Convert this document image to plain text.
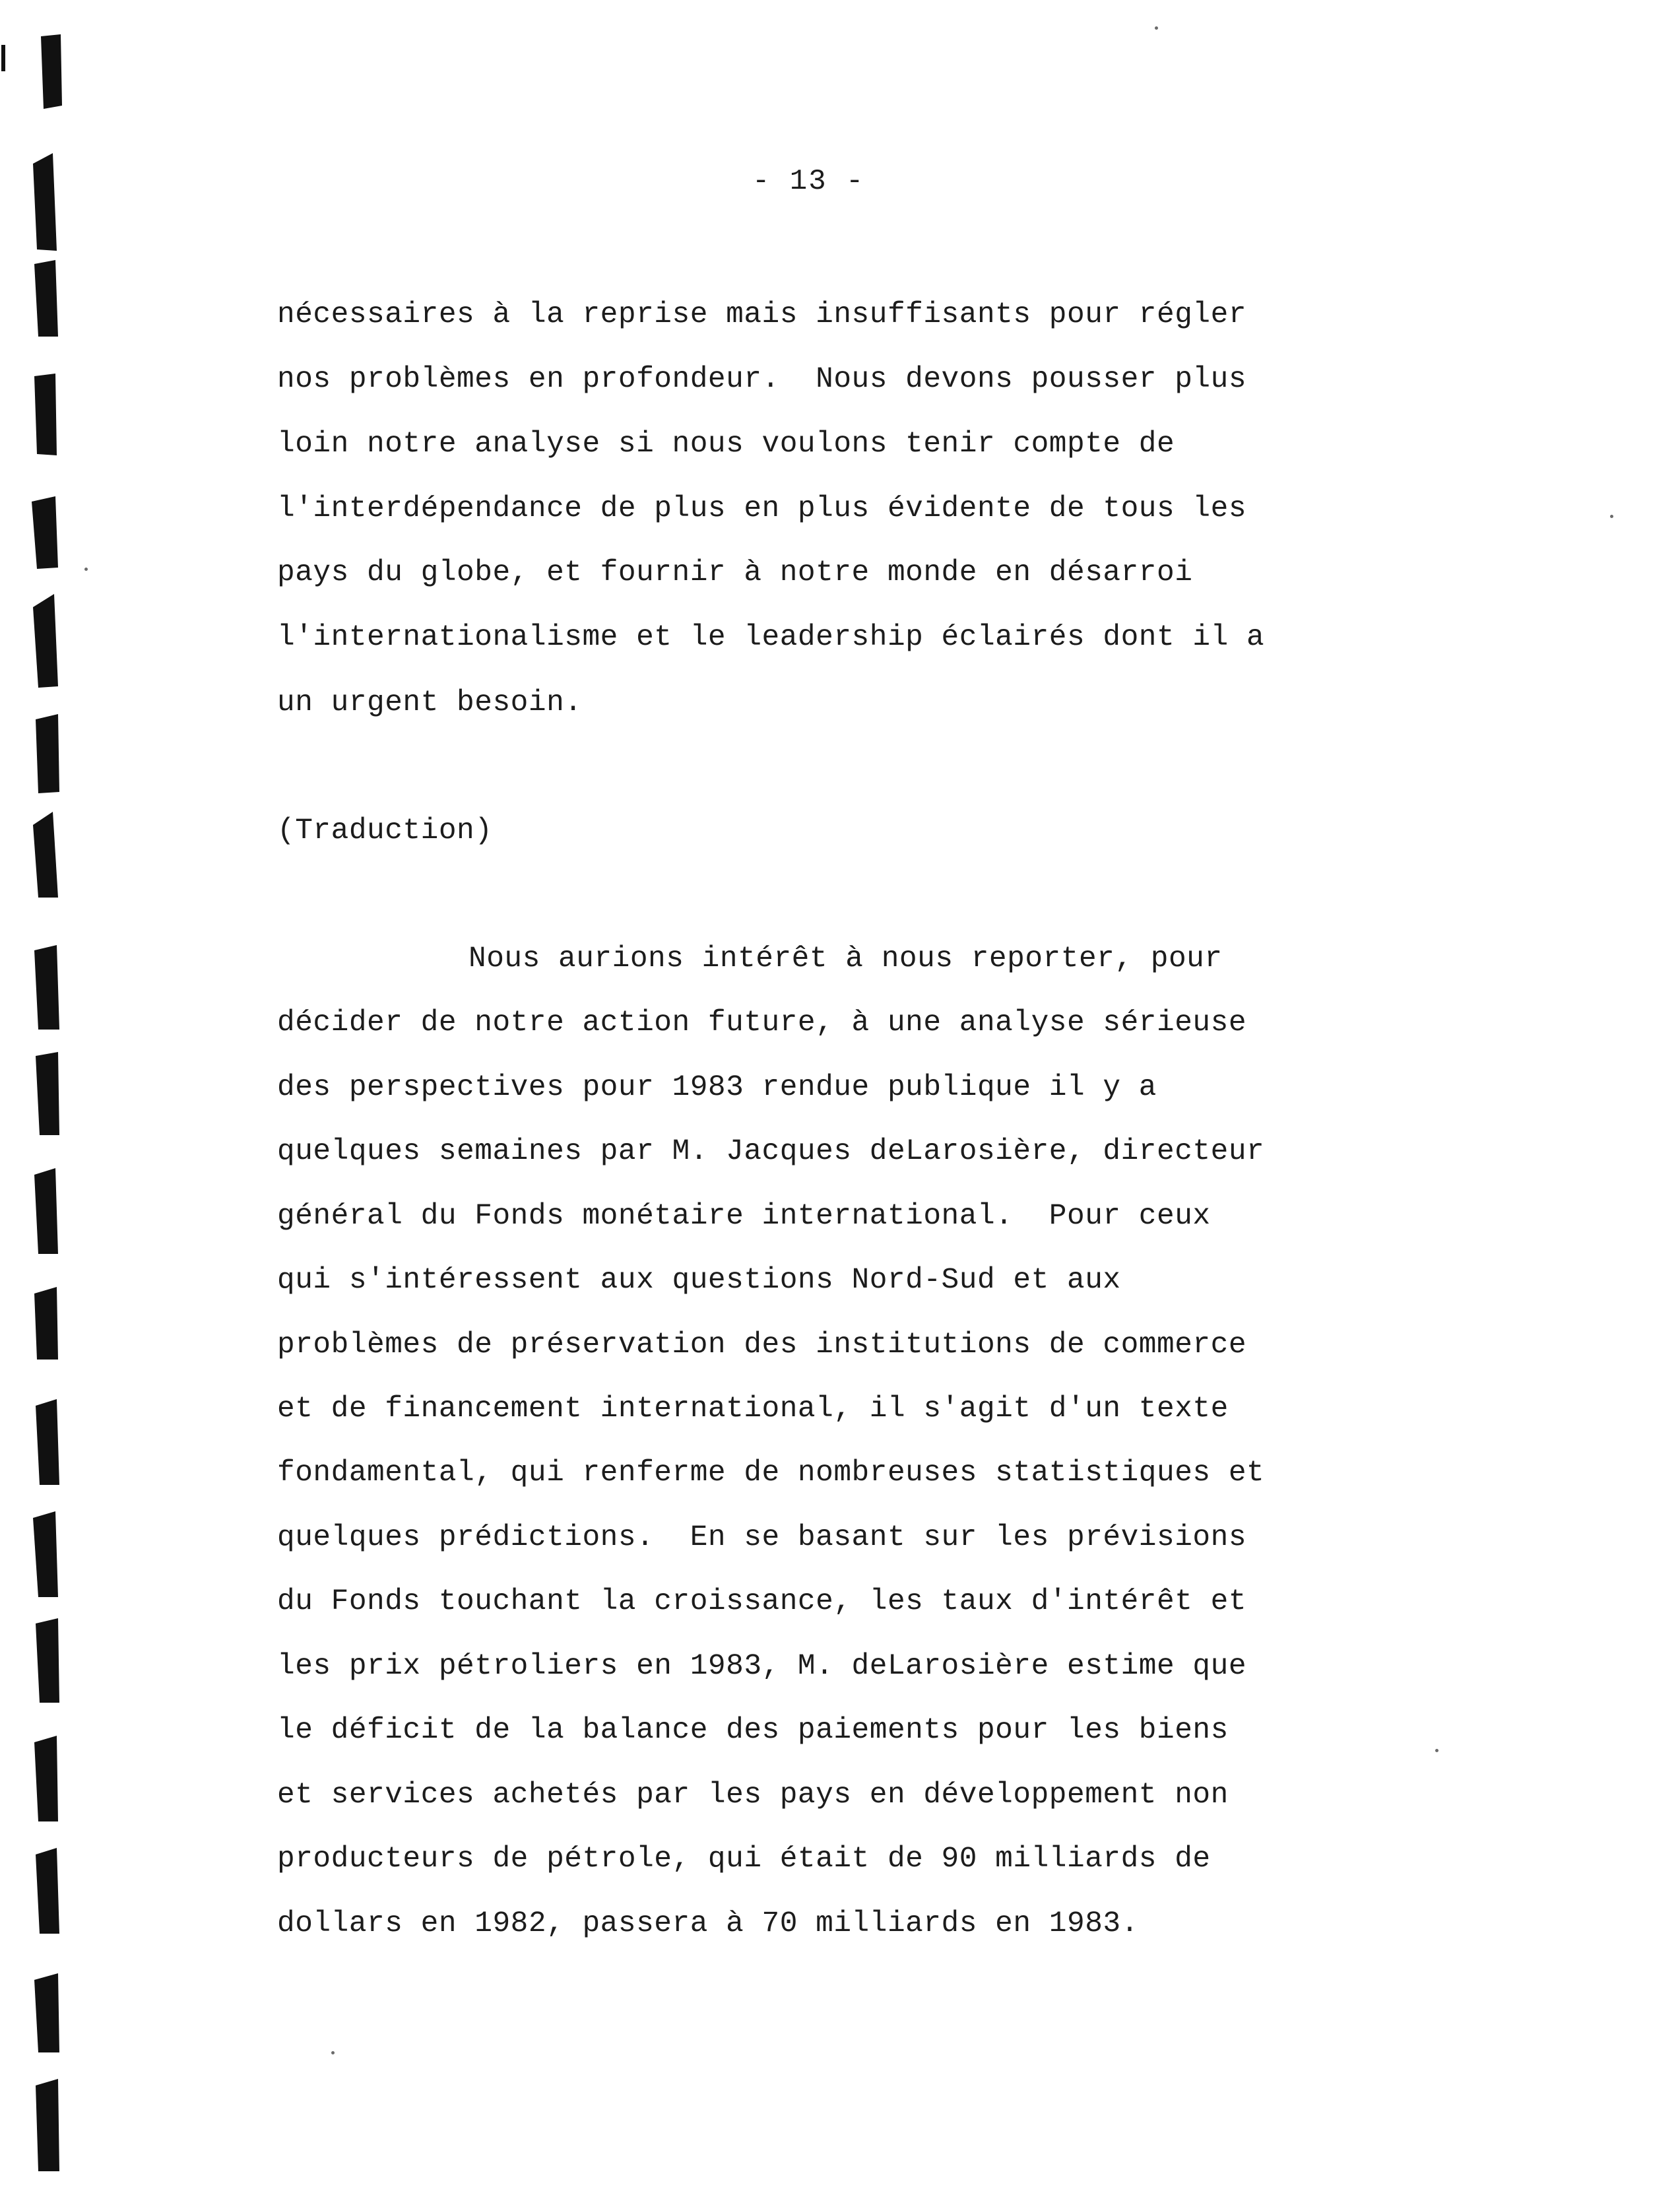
- 13 -
nécessaires à la reprise mais insuffisants pour régler
nos problèmes en profondeur.  Nous devons pousser plus
loin notre analyse si nous voulons tenir compte de
l'interdépendance de plus en plus évidente de tous les
pays du globe, et fournir à notre monde en désarroi
l'internationalisme et le leadership éclairés dont il a
un urgent besoin.
(Traduction)
Nous aurions intérêt à nous reporter, pour
décider de notre action future, à une analyse sérieuse
des perspectives pour 1983 rendue publique il y a
quelques semaines par M. Jacques deLarosière, directeur
général du Fonds monétaire international.  Pour ceux
qui s'intéressent aux questions Nord-Sud et aux
problèmes de préservation des institutions de commerce
et de financement international, il s'agit d'un texte
fondamental, qui renferme de nombreuses statistiques et
quelques prédictions.  En se basant sur les prévisions
du Fonds touchant la croissance, les taux d'intérêt et
les prix pétroliers en 1983, M. deLarosière estime que
le déficit de la balance des paiements pour les biens
et services achetés par les pays en développement non
producteurs de pétrole, qui était de 90 milliards de
dollars en 1982, passera à 70 milliards en 1983.
